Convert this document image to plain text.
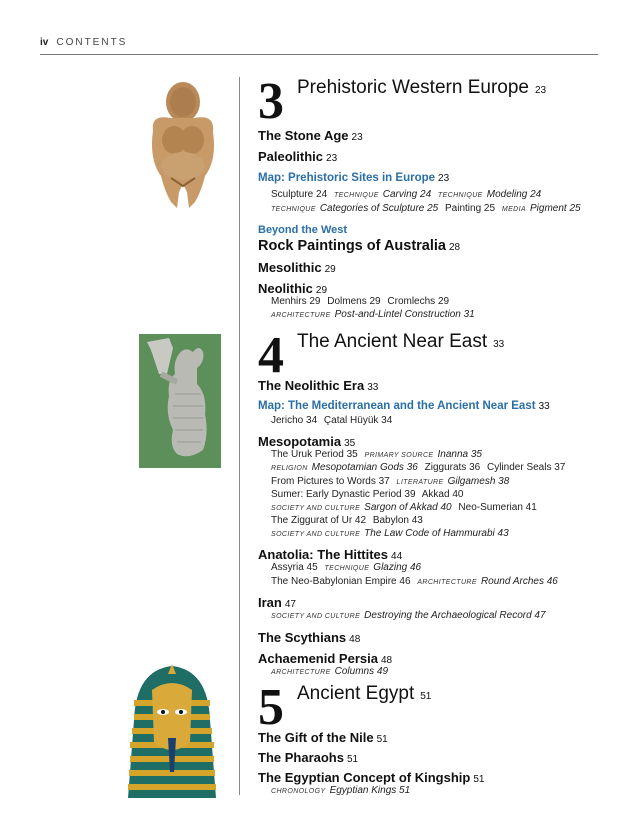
iv CONTENTS
3 Prehistoric Western Europe 23
The Stone Age 23
Paleolithic 23
Map: Prehistoric Sites in Europe 23
Sculpture 24 TECHNIQUE Carving 24 TECHNIQUE Modeling 24
TECHNIQUE Categories of Sculpture 25 Painting 25 MEDIA Pigment 25
Beyond the West
Rock Paintings of Australia 28
Mesolithic 29
Neolithic 29
Menhirs 29 Dolmens 29 Cromlechs 29
ARCHITECTURE Post-and-Lintel Construction 31
4 The Ancient Near East 33
The Neolithic Era 33
Map: The Mediterranean and the Ancient Near East 33
Jericho 34 Çatal Hüyük 34
Mesopotamia 35
The Uruk Period 35 PRIMARY SOURCE Inanna 35
RELIGION Mesopotamian Gods 36 Ziggurats 36 Cylinder Seals 37
From Pictures to Words 37 LITERATURE Gilgamesh 38
Sumer: Early Dynastic Period 39 Akkad 40
SOCIETY AND CULTURE Sargon of Akkad 40 Neo-Sumerian 41
The Ziggurat of Ur 42 Babylon 43
SOCIETY AND CULTURE The Law Code of Hammurabi 43
Anatolia: The Hittites 44
Assyria 45 TECHNIQUE Glazing 46
The Neo-Babylonian Empire 46 ARCHITECTURE Round Arches 46
Iran 47
SOCIETY AND CULTURE Destroying the Archaeological Record 47
The Scythians 48
Achaemenid Persia 48
ARCHITECTURE Columns 49
5 Ancient Egypt 51
The Gift of the Nile 51
The Pharaohs 51
The Egyptian Concept of Kingship 51
CHRONOLOGY Egyptian Kings 51
